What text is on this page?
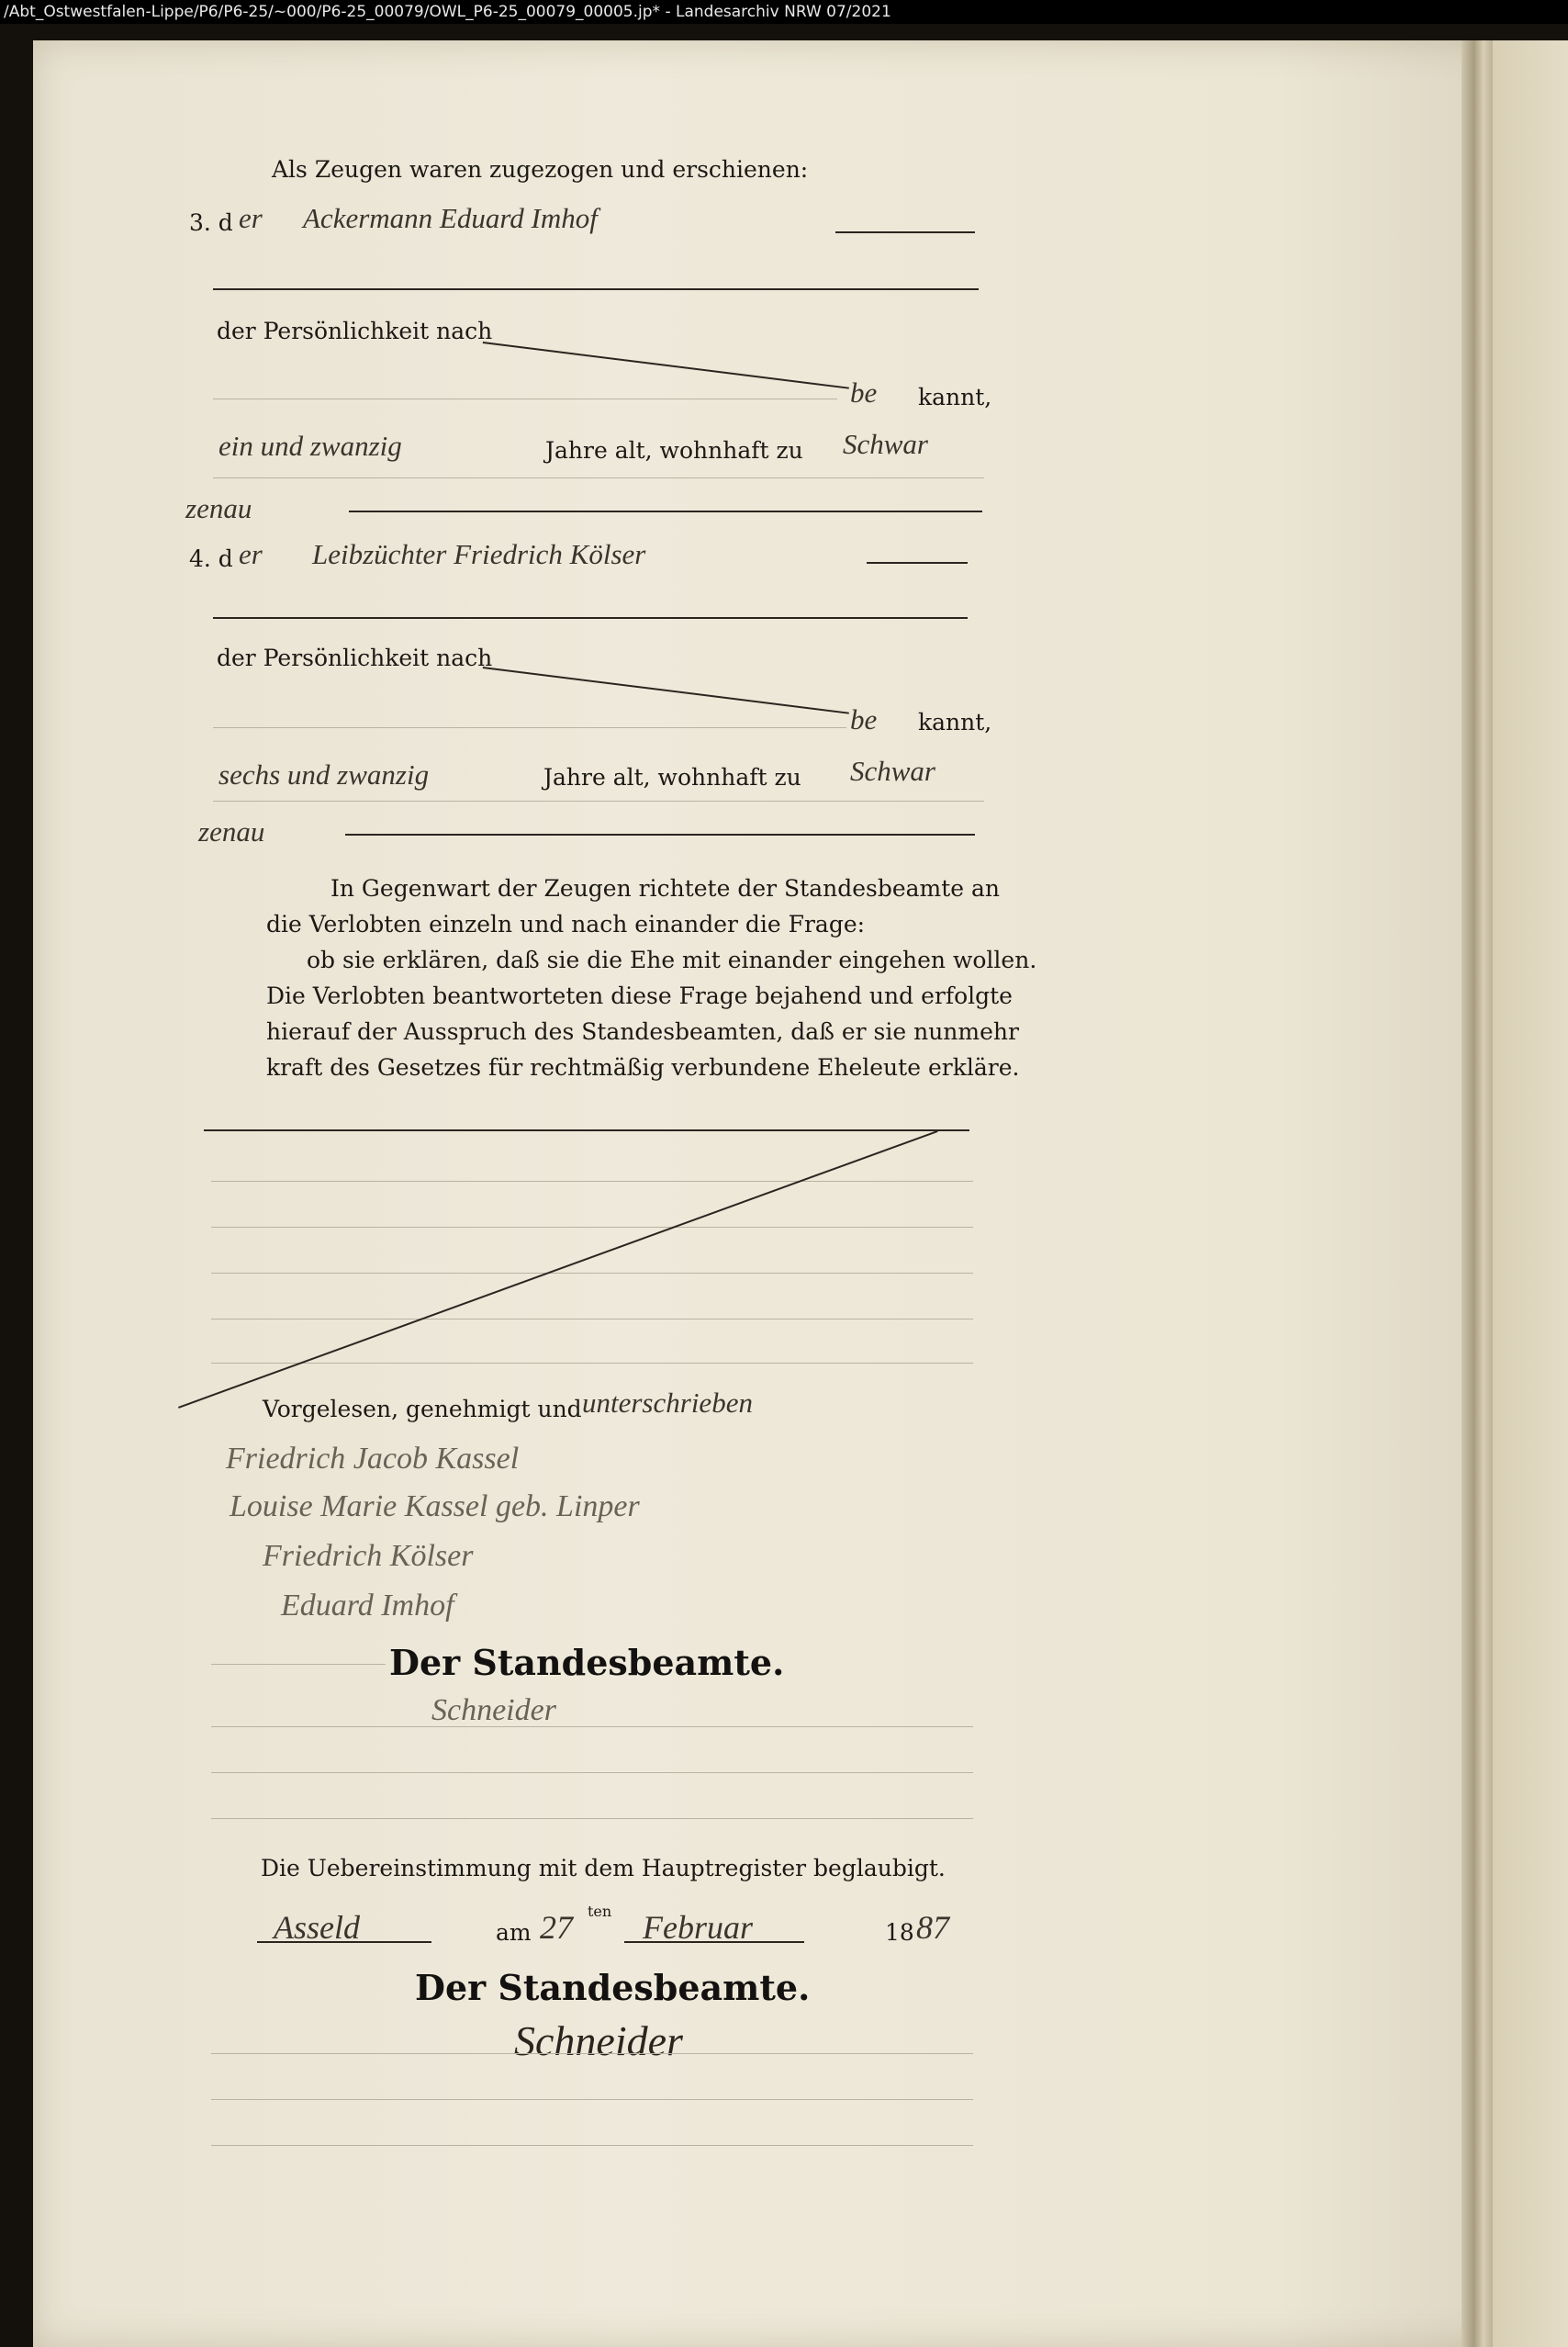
/Abt_Ostwestfalen-Lippe/P6/P6-25/~000/P6-25_00079/OWL_P6-25_00079_00005.jp* - Landesarchiv NRW 07/2021
Als Zeugen waren zugezogen und erschienen:
3. d er Ackermann Eduard Imhof
der Persönlichkeit nach
be kannt,
ein und zwanzig	Jahre alt, wohnhaft zu Schwar
zenau
4. d er Leibzüchter Friedrich Kölser
der Persönlichkeit nach
be kannt,
sechs und zwanzig	Jahre alt, wohnhaft zu Schwar
zenau
In Gegenwart der Zeugen richtete der Standesbeamte an
die Verlobten einzeln und nach einander die Frage:
ob sie erklären, daß sie die Ehe mit einander eingehen wollen.
Die Verlobten beantworteten diese Frage bejahend und erfolgte
hierauf der Ausspruch des Standesbeamten, daß er sie nunmehr
kraft des Gesetzes für rechtmäßig verbundene Eheleute erkläre.
Vorgelesen, genehmigt und unterschrieben
Friedrich Jacob Kassel
Louise Marie Kassel geb. Linper
Friedrich Kölser
Eduard Imhof
Der Standesbeamte.
Schneider
Die Uebereinstimmung mit dem Hauptregister beglaubigt.
Asseld	am 27 ten Februar	18 87
Der Standesbeamte.
Schneider
